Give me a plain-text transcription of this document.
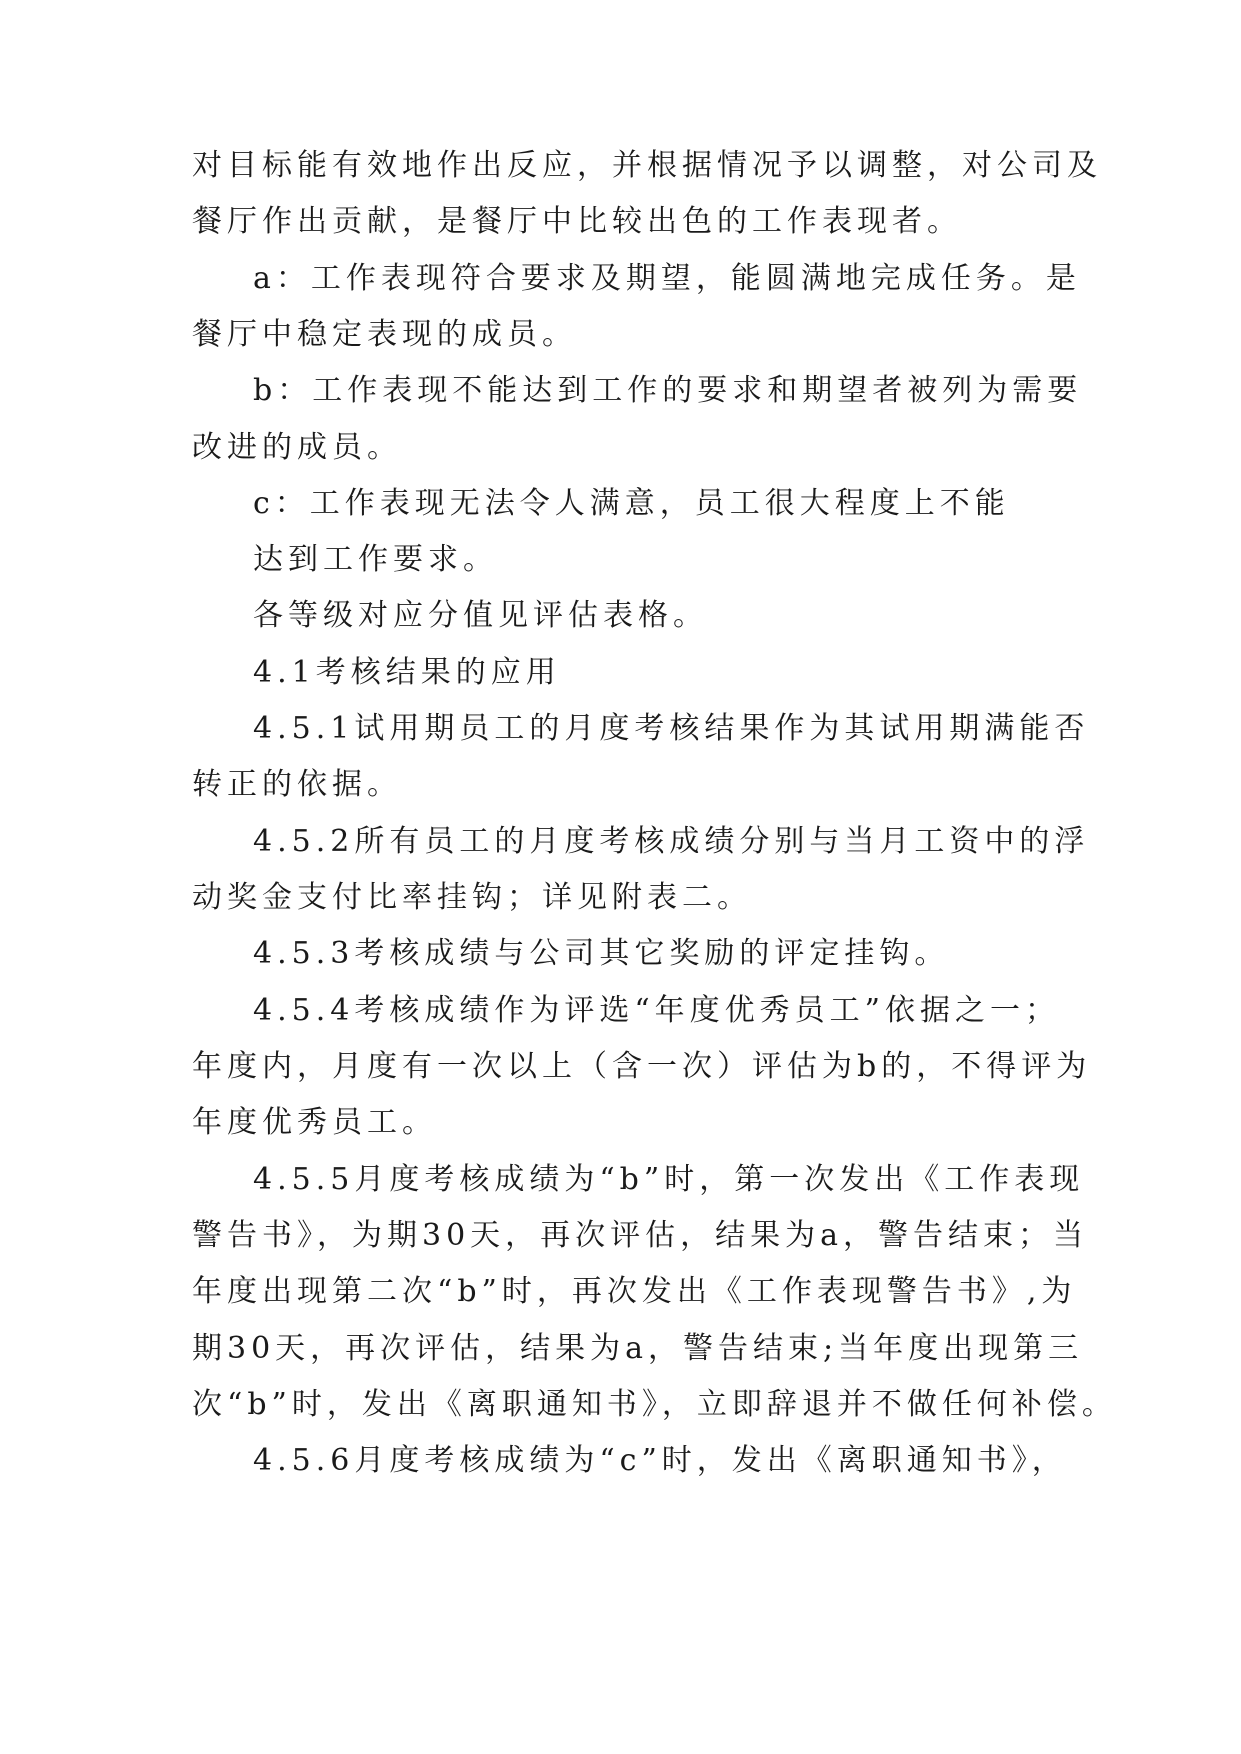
对目标能有效地作出反应，并根据情况予以调整，对公司及
餐厅作出贡献，是餐厅中比较出色的工作表现者。
a：工作表现符合要求及期望，能圆满地完成任务。是
餐厅中稳定表现的成员。
b：工作表现不能达到工作的要求和期望者被列为需要
改进的成员。
c：工作表现无法令人满意，员工很大程度上不能
达到工作要求。
各等级对应分值见评估表格。
4.1考核结果的应用
4.5.1试用期员工的月度考核结果作为其试用期满能否
转正的依据。
4.5.2所有员工的月度考核成绩分别与当月工资中的浮
动奖金支付比率挂钩；详见附表二。
4.5.3考核成绩与公司其它奖励的评定挂钩。
4.5.4考核成绩作为评选“年度优秀员工”依据之一；
年度内，月度有一次以上（含一次）评估为b的，不得评为
年度优秀员工。
4.5.5月度考核成绩为“b”时，第一次发出《工作表现
警告书》，为期30天，再次评估，结果为a，警告结束；当
年度出现第二次“b”时，再次发出《工作表现警告书》,为
期30天，再次评估，结果为a，警告结束;当年度出现第三
次“b”时，发出《离职通知书》，立即辞退并不做任何补偿。
4.5.6月度考核成绩为“c”时，发出《离职通知书》，
